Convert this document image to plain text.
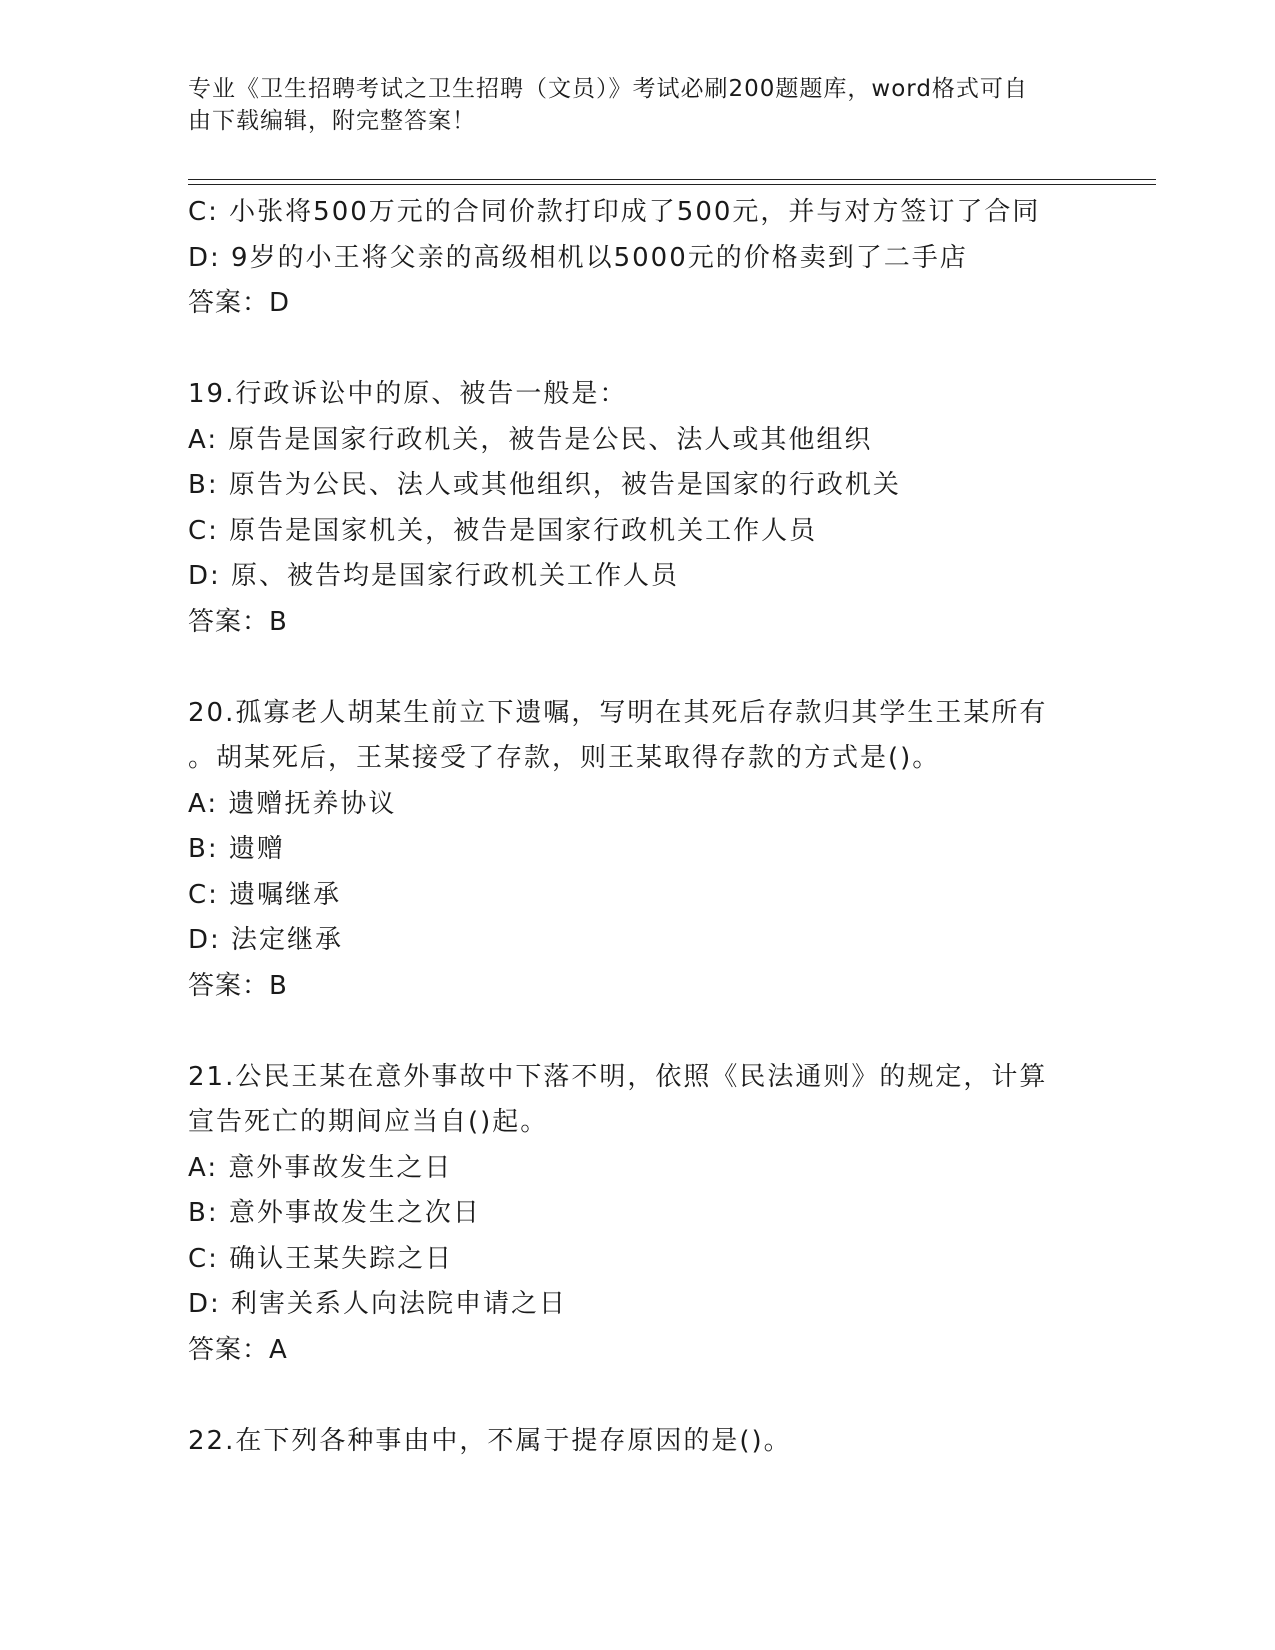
专业《卫生招聘考试之卫生招聘（文员）》考试必刷200题题库，word格式可自
由下载编辑，附完整答案！
C: 小张将500万元的合同价款打印成了500元，并与对方签订了合同
D: 9岁的小王将父亲的高级相机以5000元的价格卖到了二手店
答案：D
19.行政诉讼中的原、被告一般是：
A: 原告是国家行政机关，被告是公民、法人或其他组织
B: 原告为公民、法人或其他组织，被告是国家的行政机关
C: 原告是国家机关，被告是国家行政机关工作人员
D: 原、被告均是国家行政机关工作人员
答案：B
20.孤寡老人胡某生前立下遗嘱，写明在其死后存款归其学生王某所有
。胡某死后，王某接受了存款，则王某取得存款的方式是()。
A: 遗赠抚养协议
B: 遗赠
C: 遗嘱继承
D: 法定继承
答案：B
21.公民王某在意外事故中下落不明，依照《民法通则》的规定，计算
宣告死亡的期间应当自()起。
A: 意外事故发生之日
B: 意外事故发生之次日
C: 确认王某失踪之日
D: 利害关系人向法院申请之日
答案：A
22.在下列各种事由中，不属于提存原因的是()。
